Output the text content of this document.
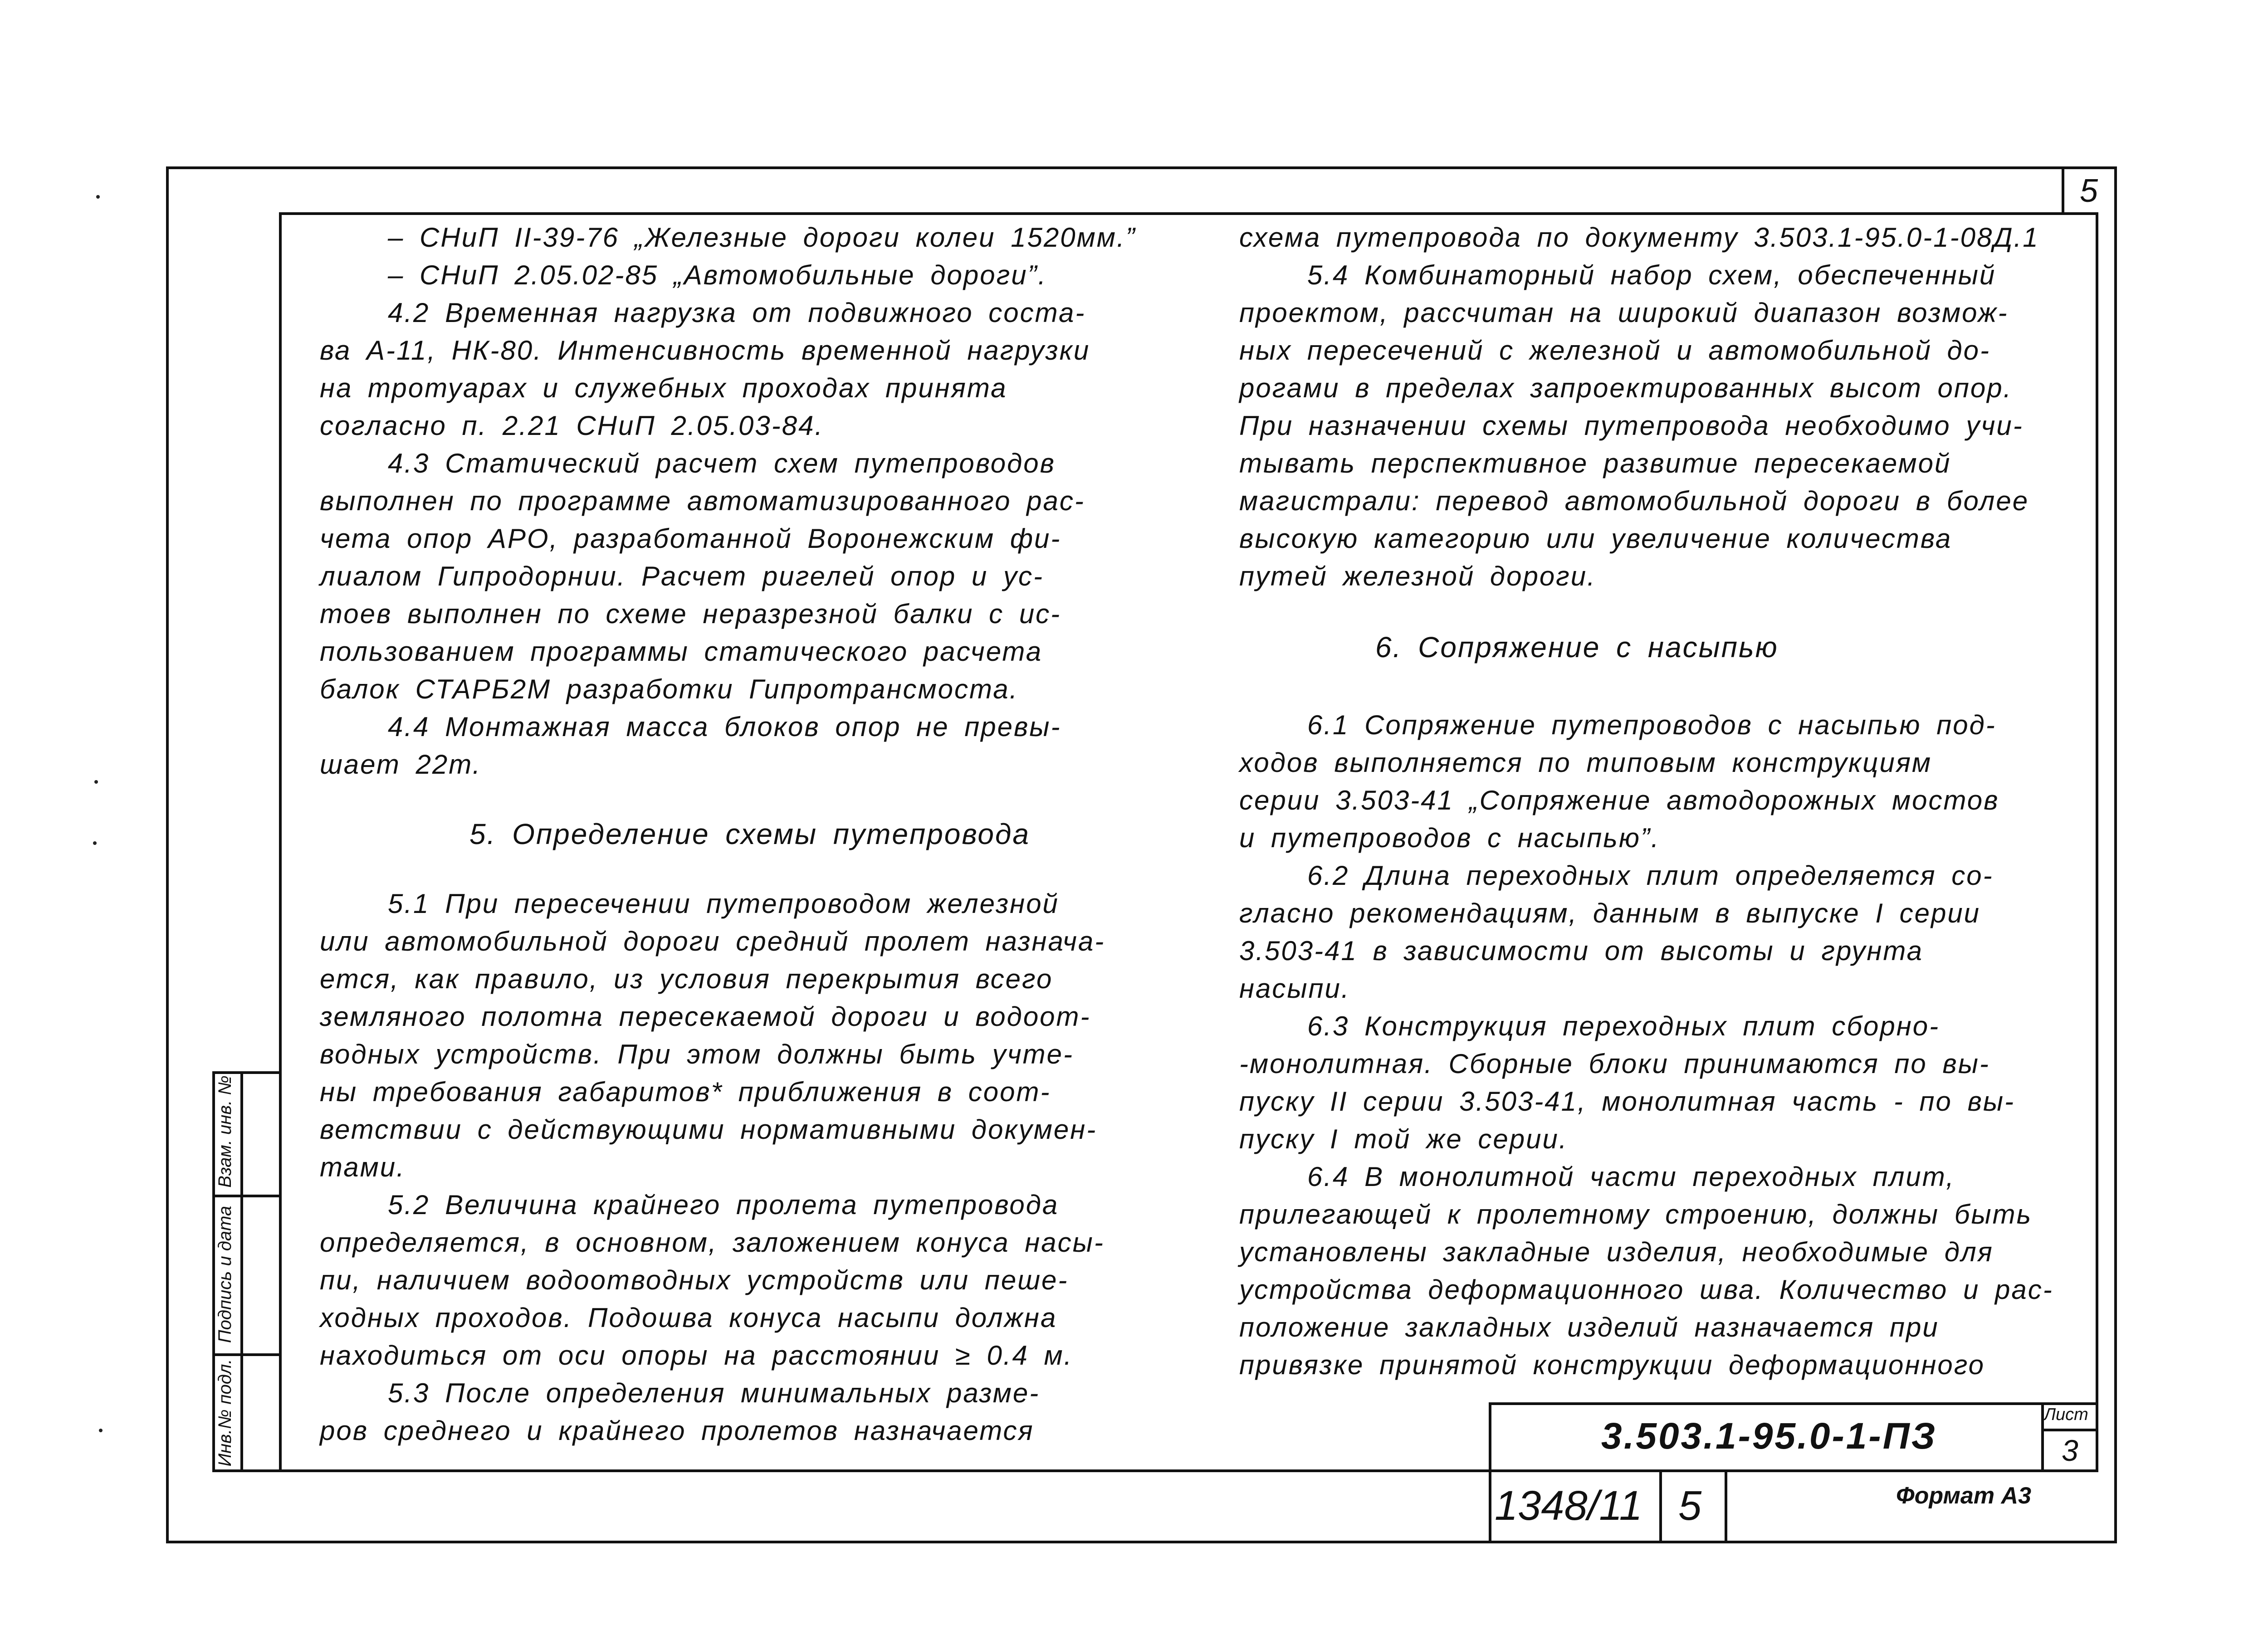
5
– СНиП II-39-76 „Железные дороги колеи 1520мм.”
– СНиП 2.05.02-85 „Автомобильные дороги”.
4.2 Временная нагрузка от подвижного соста-
ва А-11, НК-80. Интенсивность временной нагрузки
на тротуарах и служебных проходах принята
согласно п. 2.21 СНиП 2.05.03-84.
4.3 Статический расчет схем путепроводов
выполнен по программе автоматизированного рас-
чета опор АРО, разработанной Воронежским фи-
лиалом Гипродорнии. Расчет ригелей опор и ус-
тоев выполнен по схеме неразрезной балки с ис-
пользованием программы статического расчета
балок СТАРБ2М разработки Гипротрансмоста.
4.4 Монтажная масса блоков опор не превы-
шает 22т.
5. Определение схемы путепровода
5.1 При пересечении путепроводом железной
или автомобильной дороги средний пролет назнача-
ется, как правило, из условия перекрытия всего
земляного полотна пересекаемой дороги и водоот-
водных устройств. При этом должны быть учте-
ны требования габаритов* приближения в соот-
ветствии с действующими нормативными докумен-
тами.
5.2 Величина крайнего пролета путепровода
определяется, в основном, заложением конуса насы-
пи, наличием водоотводных устройств или пеше-
ходных проходов. Подошва конуса насыпи должна
находиться от оси опоры на расстоянии ≥ 0.4 м.
5.3 После определения минимальных разме-
ров среднего и крайнего пролетов назначается
схема путепровода по документу 3.503.1-95.0-1-08Д.1
5.4 Комбинаторный набор схем, обеспеченный
проектом, рассчитан на широкий диапазон возмож-
ных пересечений с железной и автомобильной до-
рогами в пределах запроектированных высот опор.
При назначении схемы путепровода необходимо учи-
тывать перспективное развитие пересекаемой
магистрали: перевод автомобильной дороги в более
высокую категорию или увеличение количества
путей железной дороги.
6. Сопряжение с насыпью
6.1 Сопряжение путепроводов с насыпью под-
ходов выполняется по типовым конструкциям
серии 3.503-41 „Сопряжение автодорожных мостов
и путепроводов с насыпью”.
6.2 Длина переходных плит определяется со-
гласно рекомендациям, данным в выпуске I серии
3.503-41 в зависимости от высоты и грунта
насыпи.
6.3 Конструкция переходных плит сборно-
-монолитная. Сборные блоки принимаются по вы-
пуску II серии 3.503-41, монолитная часть - по вы-
пуску I той же серии.
6.4 В монолитной части переходных плит,
прилегающей к пролетному строению, должны быть
установлены закладные изделия, необходимые для
устройства деформационного шва. Количество и рас-
положение закладных изделий назначается при
привязке принятой конструкции деформационного
Взам. инв. №
Подпись и дата
Инв.№ подл.	3.503.1-95.0-1-ПЗ
Лист
3
1348/11 5	Формат А3
